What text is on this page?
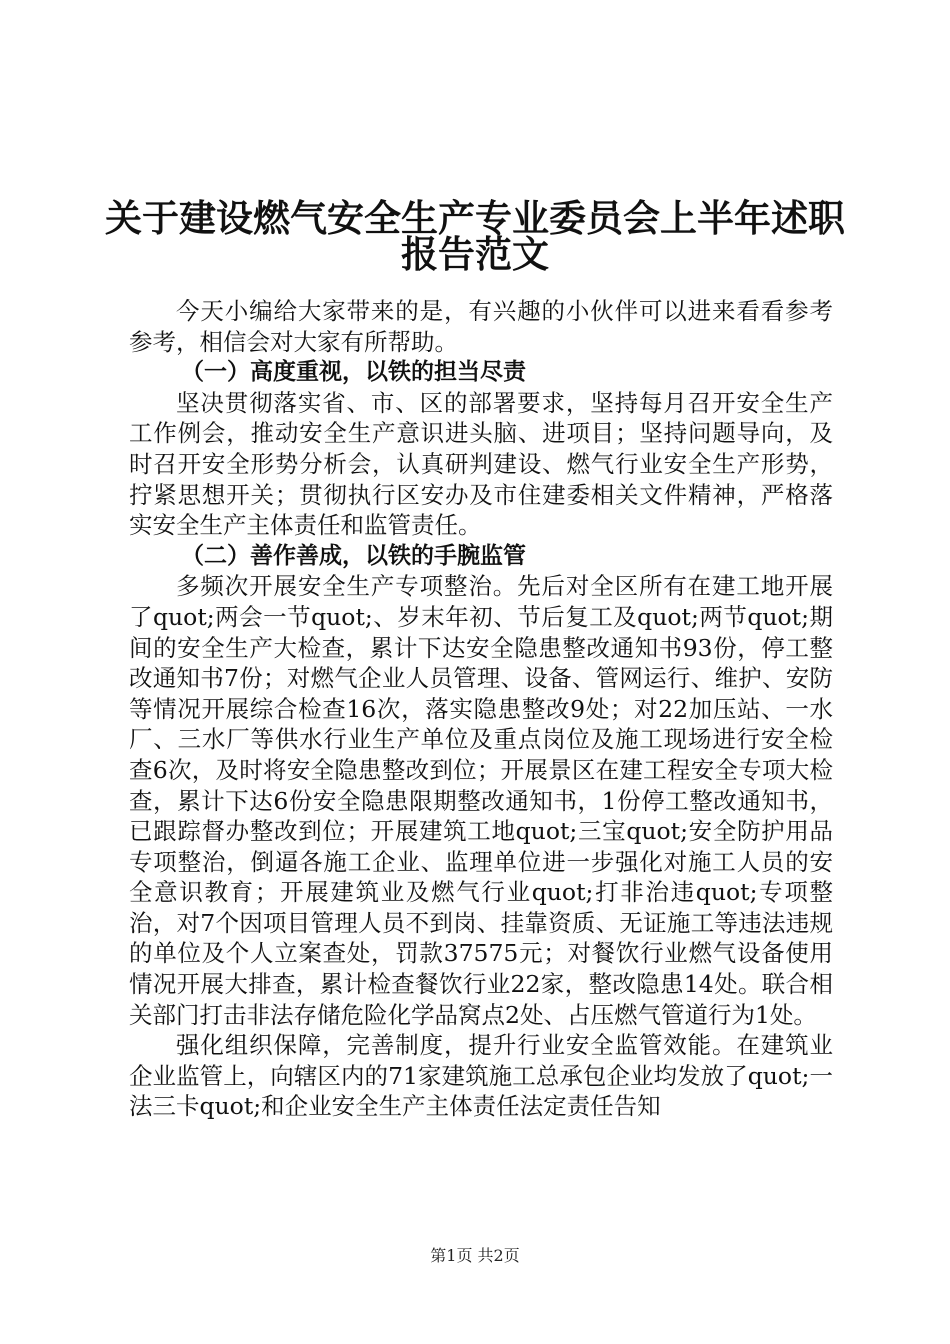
关于建设燃气安全生产专业委员会上半年述职
报告范文

今天小编给大家带来的是，有兴趣的小伙伴可以进来看看参考参考，相信会对大家有所帮助。

（一）高度重视，以铁的担当尽责

坚决贯彻落实省、市、区的部署要求，坚持每月召开安全生产工作例会，推动安全生产意识进头脑、进项目；坚持问题导向，及时召开安全形势分析会，认真研判建设、燃气行业安全生产形势，拧紧思想开关；贯彻执行区安办及市住建委相关文件精神，严格落实安全生产主体责任和监管责任。

（二）善作善成，以铁的手腕监管

多频次开展安全生产专项整治。先后对全区所有在建工地开展了quot;两会一节quot;、岁末年初、节后复工及quot;两节quot;期间的安全生产大检查，累计下达安全隐患整改通知书93份，停工整改通知书7份；对燃气企业人员管理、设备、管网运行、维护、安防等情况开展综合检查16次，落实隐患整改9处；对22加压站、一水厂、三水厂等供水行业生产单位及重点岗位及施工现场进行安全检查6次，及时将安全隐患整改到位；开展景区在建工程安全专项大检查，累计下达6份安全隐患限期整改通知书，1份停工整改通知书，已跟踪督办整改到位；开展建筑工地quot;三宝quot;安全防护用品专项整治，倒逼各施工企业、监理单位进一步强化对施工人员的安全意识教育；开展建筑业及燃气行业quot;打非治违quot;专项整治，对7个因项目管理人员不到岗、挂靠资质、无证施工等违法违规的单位及个人立案查处，罚款37575元；对餐饮行业燃气设备使用情况开展大排查，累计检查餐饮行业22家，整改隐患14处。联合相关部门打击非法存储危险化学品窝点2处、占压燃气管道行为1处。

强化组织保障，完善制度，提升行业安全监管效能。在建筑业企业监管上，向辖区内的71家建筑施工总承包企业均发放了quot;一法三卡quot;和企业安全生产主体责任法定责任告知

第1页 共2页
